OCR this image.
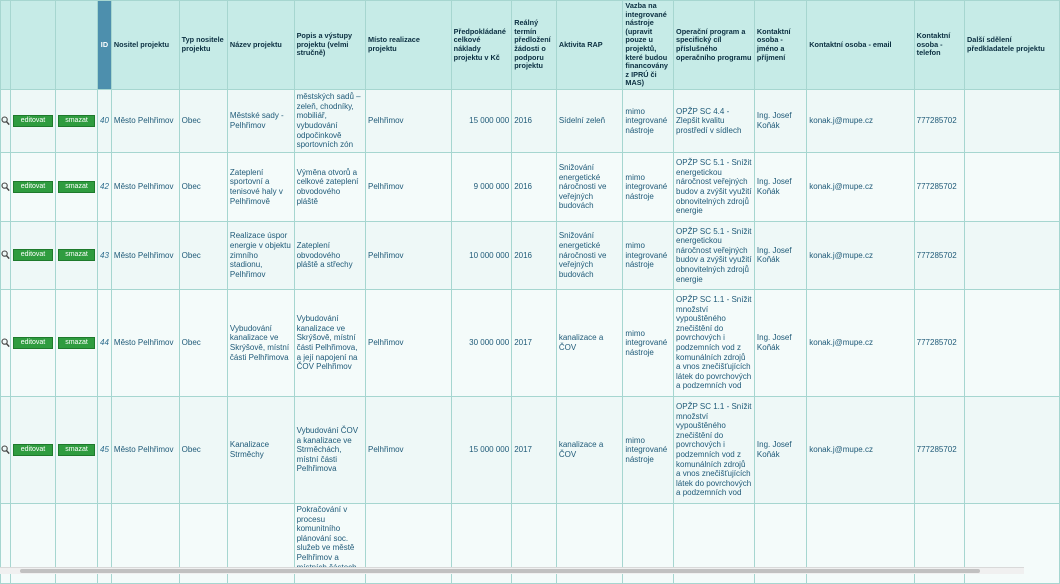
			ID	Nositel projektu	Typ nositele projektu	Název projektu	Popis a výstupy projektu (velmi stručně)	Místo realizace projektu	Předpokládané celkové náklady projektu v Kč	Reálný termín předložení žádosti o podporu projektu	Aktivita RAP	Vazba na integrované nástroje (upravit pouze u projektů, které budou financovány z IPRÚ či MAS)	Operační program a specifický cíl příslušného operačního programu	Kontaktní osoba - jméno a příjmení	Kontaktní osoba - email	Kontaktní osoba - telefon	Další sdělení předkladatele projektu
	editovat	smazat	40	Město Pelhřimov	Obec	Městské sady - Pelhřimov	městských sadů – zeleň, chodníky, mobiliář, vybudování odpočinkově sportovních zón	Pelhřimov	15 000 000	2016	Sídelní zeleň	mimo integrované nástroje	OPŽP SC 4.4 - Zlepšit kvalitu prostředí v sídlech	Ing. Josef Koňák	konak.j@mupe.cz	777285702	
	editovat	smazat	42	Město Pelhřimov	Obec	Zateplení sportovní a tenisové haly v Pelhřimově	Výměna otvorů a celkové zateplení obvodového pláště	Pelhřimov	9 000 000	2016	Snižování energetické náročnosti ve veřejných budovách	mimo integrované nástroje	OPŽP SC 5.1 - Snížit energetickou náročnost veřejných budov a zvýšit využití obnovitelných zdrojů energie	Ing. Josef Koňák	konak.j@mupe.cz	777285702	
	editovat	smazat	43	Město Pelhřimov	Obec	Realizace úspor energie v objektu zimního stadionu, Pelhřimov	Zateplení obvodového pláště a střechy	Pelhřimov	10 000 000	2016	Snižování energetické náročnosti ve veřejných budovách	mimo integrované nástroje	OPŽP SC 5.1 - Snížit energetickou náročnost veřejných budov a zvýšit využití obnovitelných zdrojů energie	Ing. Josef Koňák	konak.j@mupe.cz	777285702	
	editovat	smazat	44	Město Pelhřimov	Obec	Vybudování kanalizace ve Skrýšově, místní části Pelhřimova	Vybudování kanalizace ve Skrýšově, místní části Pelhřimova, a její napojení na ČOV Pelhřimov	Pelhřimov	30 000 000	2017	kanalizace a ČOV	mimo integrované nástroje	OPŽP SC 1.1 - Snížit množství vypouštěného znečištění do povrchových i podzemních vod z komunálních zdrojů a vnos znečišťujících látek do povrchových a podzemních vod	Ing. Josef Koňák	konak.j@mupe.cz	777285702	
	editovat	smazat	45	Město Pelhřimov	Obec	Kanalizace Strměchy	Vybudování ČOV a kanalizace ve Strměchách, místní části Pelhřimova	Pelhřimov	15 000 000	2017	kanalizace a ČOV	mimo integrované nástroje	OPŽP SC 1.1 - Snížit množství vypouštěného znečištění do povrchových i podzemních vod z komunálních zdrojů a vnos znečišťujících látek do povrchových a podzemních vod	Ing. Josef Koňák	konak.j@mupe.cz	777285702	
							Pokračování v procesu komunitního plánování soc. služeb ve městě Pelhřimov a										
